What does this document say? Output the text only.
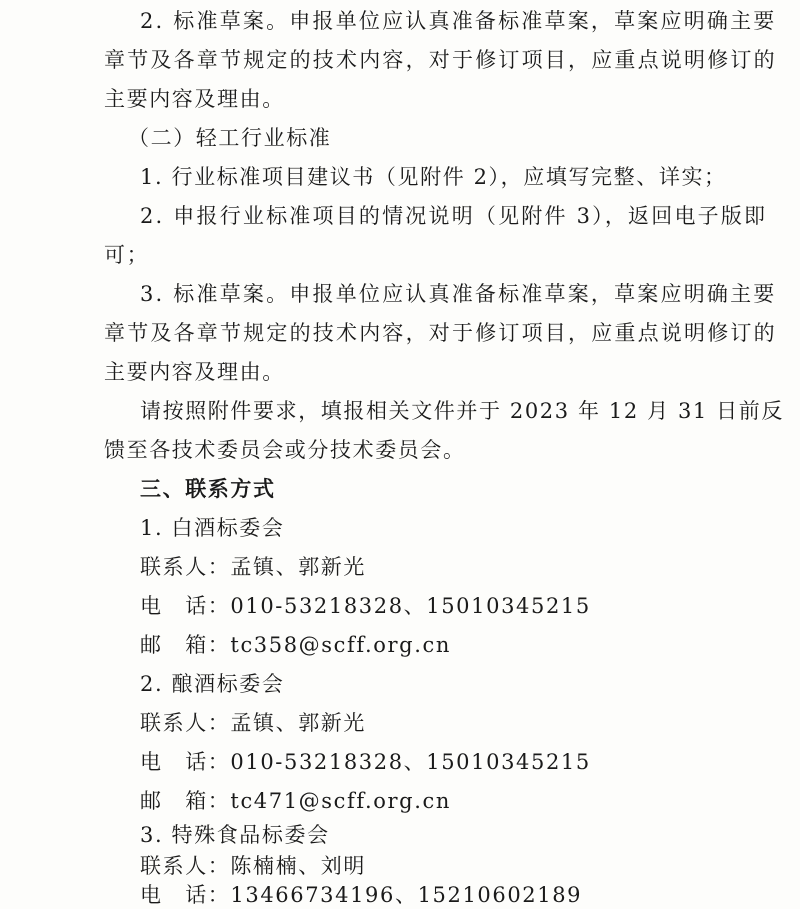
2. 标准草案。申报单位应认真准备标准草案，草案应明确主要
章节及各章节规定的技术内容，对于修订项目，应重点说明修订的
主要内容及理由。
（二）轻工行业标准
1. 行业标准项目建议书（见附件 2），应填写完整、详实；
2. 申报行业标准项目的情况说明（见附件 3），返回电子版即
可；
3. 标准草案。申报单位应认真准备标准草案，草案应明确主要
章节及各章节规定的技术内容，对于修订项目，应重点说明修订的
主要内容及理由。
请按照附件要求，填报相关文件并于 2023 年 12 月 31 日前反
馈至各技术委员会或分技术委员会。
三、联系方式
1. 白酒标委会
联系人：孟镇、郭新光
电　话：010-53218328、15010345215
邮　箱：tc358@scff.org.cn
2. 酿酒标委会
联系人：孟镇、郭新光
电　话：010-53218328、15010345215
邮　箱：tc471@scff.org.cn
3. 特殊食品标委会
联系人：陈楠楠、刘明
电　话：13466734196、15210602189
